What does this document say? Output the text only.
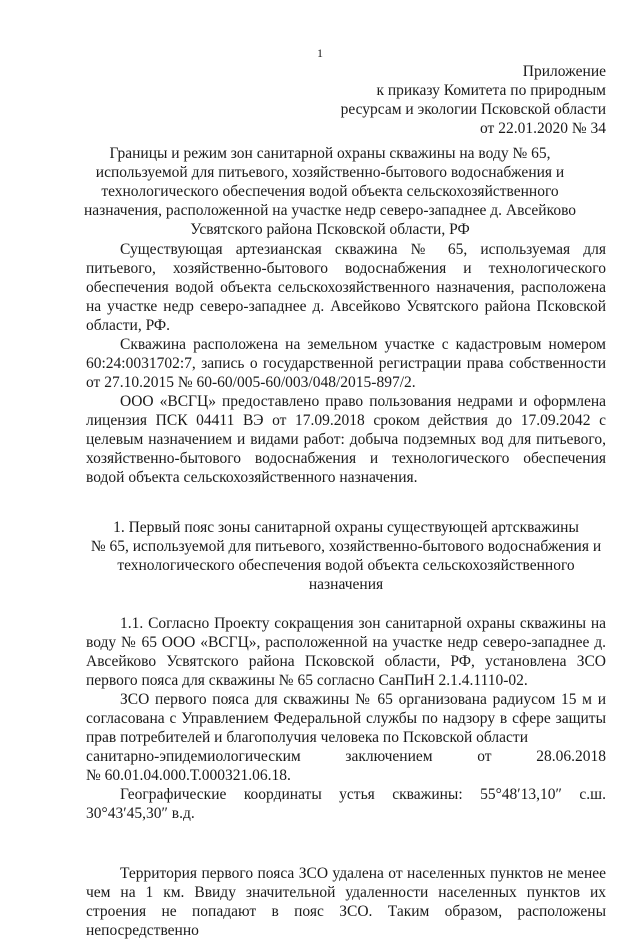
1
Приложение
к приказу Комитета по природным
ресурсам и экологии Псковской области
от 22.01.2020 № 34
Границы и режим зон санитарной охраны скважины на воду № 65,
используемой для питьевого, хозяйственно-бытового водоснабжения и
технологического обеспечения водой объекта сельскохозяйственного
назначения, расположенной на участке недр северо-западнее д. Авсейково
Усвятского района Псковской области, РФ

Существующая артезианская скважина № 65, используемая для питьевого, хозяйственно-бытового водоснабжения и технологического обеспечения водой объекта сельскохозяйственного назначения, расположена на участке недр северо-западнее д. Авсейково Усвятского района Псковской области, РФ.

Скважина расположена на земельном участке с кадастровым номером 60:24:0031702:7, запись о государственной регистрации права собственности от 27.10.2015 № 60-60/005-60/003/048/2015-897/2.

ООО «ВСГЦ» предоставлено право пользования недрами и оформлена лицензия ПСК 04411 ВЭ от 17.09.2018 сроком действия до 17.09.2042 с целевым назначением и видами работ: добыча подземных вод для питьевого, хозяйственно-бытового водоснабжения и технологического обеспечения водой объекта сельскохозяйственного назначения.

1. Первый пояс зоны санитарной охраны существующей артскважины
№ 65, используемой для питьевого, хозяйственно-бытового водоснабжения и
технологического обеспечения водой объекта сельскохозяйственного
назначения

1.1. Согласно Проекту сокращения зон санитарной охраны скважины на воду № 65 ООО «ВСГЦ», расположенной на участке недр северо-западнее д. Авсейково Усвятского района Псковской области, РФ, установлена ЗСО первого пояса для скважины № 65 согласно СанПиН 2.1.4.1110-02.

ЗСО первого пояса для скважины № 65 организована радиусом 15 м и согласована с Управлением Федеральной службы по надзору в сфере защиты прав потребителей и благополучия человека по Псковской области

санитарно-эпидемиологическим	заключением	от	28.06.2018

№ 60.01.04.000.Т.000321.06.18.

Географические координаты устья скважины: 55°48′13,10″ с.ш.

30°43′45,30″ в.д.

Территория первого пояса ЗСО удалена от населенных пунктов не менее чем на 1 км. Ввиду значительной удаленности населенных пунктов их строения не попадают в пояс ЗСО. Таким образом, расположены непосредственно
